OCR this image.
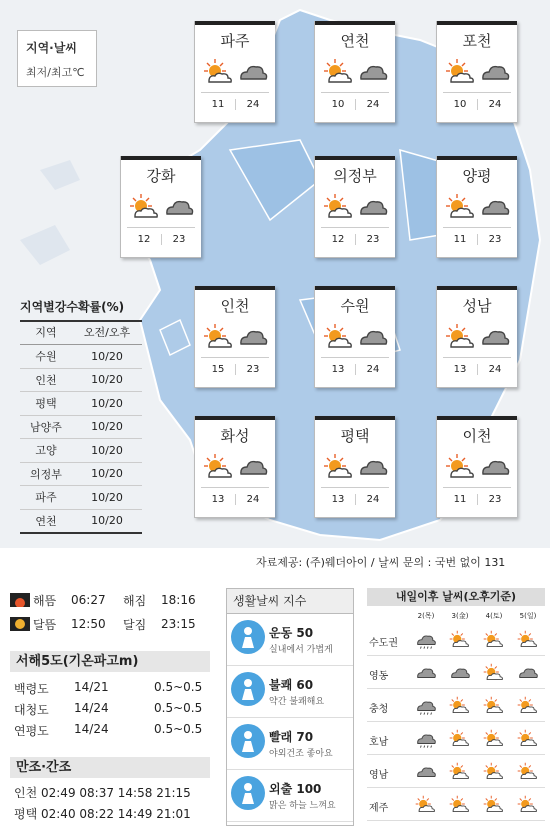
지역·날씨
최저/최고℃
파주
11	24
연천
10	24
포천
10	24
강화
12	23
의정부
12	23
양평
11	23
인천
15	23
수원
13	24
성남
13	24
화성
13	24
평택
13	24
이천
11	23
지역별강수확률(%)
지역	오전/오후
수원	10/20
인천	10/20
평택	10/20
남양주	10/20
고양	10/20
의정부	10/20
파주	10/20
연천	10/20
자료제공: (주)웨더아이 / 날씨 문의 : 국번 없이 131
해뜸	06:27	해짐	18:16
달뜸	12:50	달짐	23:15
서해5도(기온파고m)
백령도	14/21	0.5~0.5
대청도	14/24	0.5~0.5
연평도	14/24	0.5~0.5
만조·간조
인천 02:49 08:37 14:58 21:15
평택 02:40 08:22 14:49 21:01
생활날씨 지수
운동 50
실내에서 가볍게
불쾌 60
약간 불쾌해요
빨래 70
야외건조 좋아요
외출 100
맑은 하늘 느껴요
내일이후 날씨(오후기준)
2(목)	3(金)	4(토)	5(일)
수도권
영동
충청
호남
영남
제주
